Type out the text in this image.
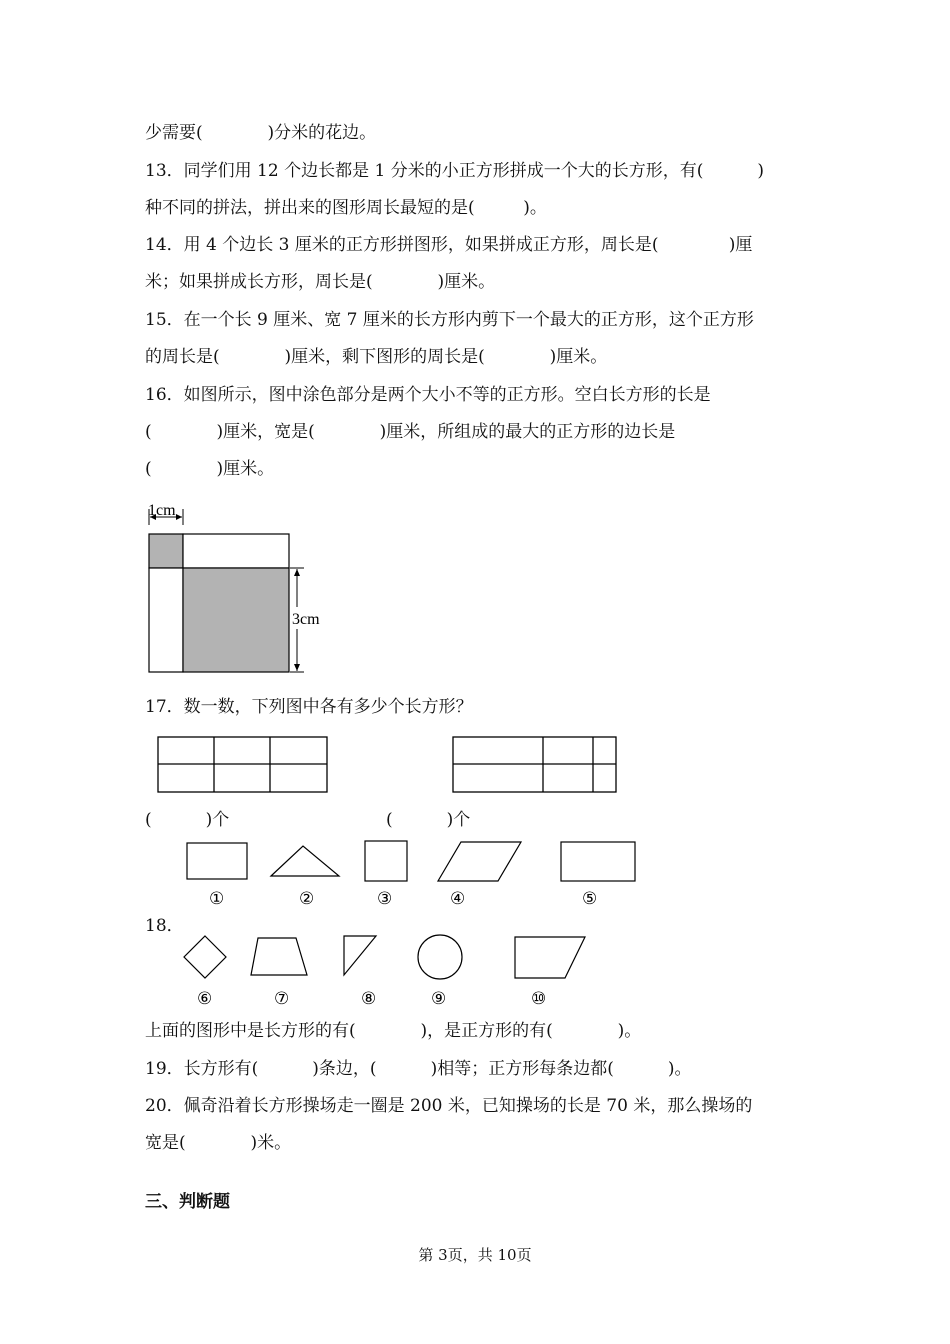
少需要(            )分米的花边。
13．同学们用 12 个边长都是 1 分米的小正方形拼成一个大的长方形，有(          )
种不同的拼法，拼出来的图形周长最短的是(         )。
14．用 4 个边长 3 厘米的正方形拼图形，如果拼成正方形，周长是(             )厘
米；如果拼成长方形，周长是(            )厘米。
15．在一个长 9 厘米、宽 7 厘米的长方形内剪下一个最大的正方形，这个正方形
的周长是(            )厘米，剩下图形的周长是(            )厘米。
16．如图所示，图中涂色部分是两个大小不等的正方形。空白长方形的长是
(            )厘米，宽是(            )厘米，所组成的最大的正方形的边长是
(            )厘米。
1cm
3cm
17．数一数，下列图中各有多少个长方形？
(          )个	(          )个
①	②	③	④	⑤
18．
⑥	⑦	⑧	⑨	⑩
上面的图形中是长方形的有(            )，是正方形的有(            )。
19．长方形有(          )条边，(          )相等；正方形每条边都(          )。
20．佩奇沿着长方形操场走一圈是 200 米，已知操场的长是 70 米，那么操场的
宽是(            )米。
三、判断题
第 3页，共 10页
